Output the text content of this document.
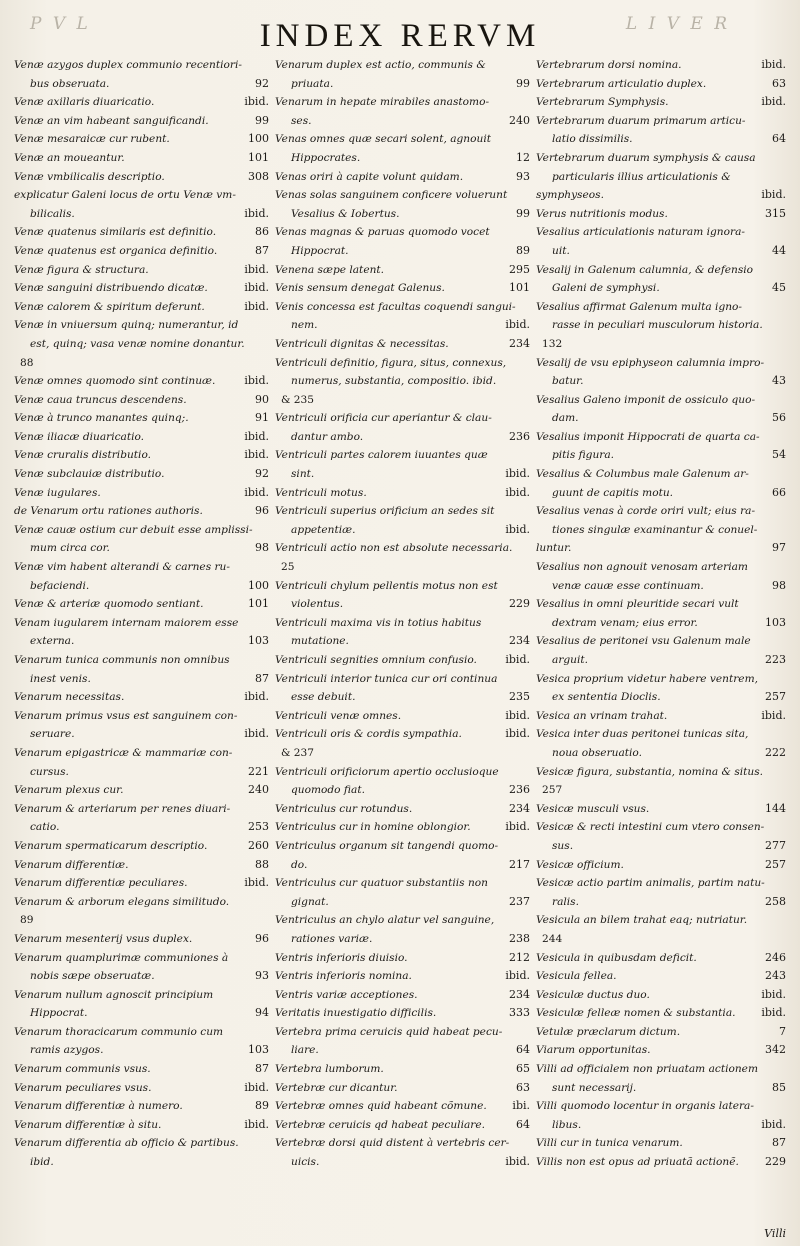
P V L	L I V E R
INDEX RERVM
Venæ azygos duplex communio recentiori-
bus obseruata.	92
Venæ axillaris diuaricatio.	ibid.
Venæ an vim habeant sanguificandi.	99
Venæ mesaraicæ cur rubent.	100
Venæ an moueantur.	101
Venæ vmbilicalis descriptio.	308
explicatur Galeni locus de ortu Venæ vm-
bilicalis.	ibid.
Venæ quatenus similaris est definitio.	86
Venæ quatenus est organica definitio.	87
Venæ figura & structura.	ibid.
Venæ sanguini distribuendo dicatæ.	ibid.
Venæ calorem & spiritum deferunt.	ibid.
Venæ in vniuersum quinq; numerantur, id
est, quinq; vasa venæ nomine donantur.
88
Venæ omnes quomodo sint continuæ.	ibid.
Venæ caua truncus descendens.	90
Venæ à trunco manantes quinq;.	91
Venæ iliacæ diuaricatio.	ibid.
Venæ cruralis distributio.	ibid.
Venæ subclauiæ distributio.	92
Venæ iugulares.	ibid.
de Venarum ortu rationes authoris.	96
Venæ cauæ ostium cur debuit esse amplissi-
mum circa cor.	98
Venæ vim habent alterandi & carnes ru-
befaciendi.	100
Venæ & arteriæ quomodo sentiant.	101
Venam iugularem internam maiorem esse
externa.	103
Venarum tunica communis non omnibus
inest venis.	87
Venarum necessitas.	ibid.
Venarum primus vsus est sanguinem con-
seruare.	ibid.
Venarum epigastricæ & mammariæ con-
cursus.	221
Venarum plexus cur.	240
Venarum & arteriarum per renes diuari-
catio.	253
Venarum spermaticarum descriptio.	260
Venarum differentiæ.	88
Venarum differentiæ peculiares.	ibid.
Venarum & arborum elegans similitudo.
89
Venarum mesenterij vsus duplex.	96
Venarum quamplurimæ communiones à
nobis sæpe obseruatæ.	93
Venarum nullum agnoscit principium
Hippocrat.	94
Venarum thoracicarum communio cum
ramis azygos.	103
Venarum communis vsus.	87
Venarum peculiares vsus.	ibid.
Venarum differentiæ à numero.	89
Venarum differentiæ à situ.	ibid.
Venarum differentia ab officio & partibus.
ibid.
Venarum duplex est actio, communis &
priuata.	99
Venarum in hepate mirabiles anastomo-
ses.	240
Venas omnes quæ secari solent, agnouit
Hippocrates.	12
Venas oriri à capite volunt quidam.	93
Venas solas sanguinem conficere voluerunt
Vesalius & Iobertus.	99
Venas magnas & paruas quomodo vocet
Hippocrat.	89
Venena sæpe latent.	295
Venis sensum denegat Galenus.	101
Venis concessa est facultas coquendi sangui-
nem.	ibid.
Ventriculi dignitas & necessitas.	234
Ventriculi definitio, figura, situs, connexus,
numerus, substantia, compositio. ibid.
& 235
Ventriculi orificia cur aperiantur & clau-
dantur ambo.	236
Ventriculi partes calorem iuuantes quæ
sint.	ibid.
Ventriculi motus.	ibid.
Ventriculi superius orificium an sedes sit
appetentiæ.	ibid.
Ventriculi actio non est absolute necessaria.
25
Ventriculi chylum pellentis motus non est
violentus.	229
Ventriculi maxima vis in totius habitus
mutatione.	234
Ventriculi segnities omnium confusio.	ibid.
Ventriculi interior tunica cur ori continua
esse debuit.	235
Ventriculi venæ omnes.	ibid.
Ventriculi oris & cordis sympathia.	ibid.
& 237
Ventriculi orificiorum apertio occlusioque
quomodo fiat.	236
Ventriculus cur rotundus.	234
Ventriculus cur in homine oblongior.	ibid.
Ventriculus organum sit tangendi quomo-
do.	217
Ventriculus cur quatuor substantiis non
gignat.	237
Ventriculus an chylo alatur vel sanguine,
rationes variæ.	238
Ventris inferioris diuisio.	212
Ventris inferioris nomina.	ibid.
Ventris variæ acceptiones.	234
Veritatis inuestigatio difficilis.	333
Vertebra prima ceruicis quid habeat pecu-
liare.	64
Vertebra lumborum.	65
Vertebræ cur dicantur.	63
Vertebræ omnes quid habeant cõmune. ibi.
Vertebræ ceruicis qd habeat peculiare.	64
Vertebræ dorsi quid distent à vertebris cer-
uicis.	ibid.
Vertebrarum dorsi nomina.	ibid.
Vertebrarum articulatio duplex.	63
Vertebrarum Symphysis.	ibid.
Vertebrarum duarum primarum articu-
latio dissimilis.	64
Vertebrarum duarum symphysis & causa
particularis illius articulationis &
symphyseos.	ibid.
Verus nutritionis modus.	315
Vesalius articulationis naturam ignora-
uit.	44
Vesalij in Galenum calumnia, & defensio
Galeni de symphysi.	45
Vesalius affirmat Galenum multa igno-
rasse in peculiari musculorum historia.
132
Vesalij de vsu epiphyseon calumnia impro-
batur.	43
Vesalius Galeno imponit de ossiculo quo-
dam.	56
Vesalius imponit Hippocrati de quarta ca-
pitis figura.	54
Vesalius & Columbus male Galenum ar-
guunt de capitis motu.	66
Vesalius venas à corde oriri vult; eius ra-
tiones singulæ examinantur & conuel-
luntur.	97
Vesalius non agnouit venosam arteriam
venæ cauæ esse continuam.	98
Vesalius in omni pleuritide secari vult
dextram venam; eius error.	103
Vesalius de peritonei vsu Galenum male
arguit.	223
Vesica proprium videtur habere ventrem,
ex sententia Dioclis.	257
Vesica an vrinam trahat.	ibid.
Vesica inter duas peritonei tunicas sita,
noua obseruatio.	222
Vesicæ figura, substantia, nomina & situs.
257
Vesicæ musculi vsus.	144
Vesicæ & recti intestini cum vtero consen-
sus.	277
Vesicæ officium.	257
Vesicæ actio partim animalis, partim natu-
ralis.	258
Vesicula an bilem trahat eaq; nutriatur.
244
Vesicula in quibusdam deficit.	246
Vesicula fellea.	243
Vesiculæ ductus duo.	ibid.
Vesiculæ felleæ nomen & substantia. ibid.
Vetulæ præclarum dictum.	7
Viarum opportunitas.	342
Villi ad officialem non priuatam actionem
sunt necessarij.	85
Villi quomodo locentur in organis latera-
libus.	ibid.
Villi cur in tunica venarum.	87
Villis non est opus ad priuatã actionẽ. 229
Villi
